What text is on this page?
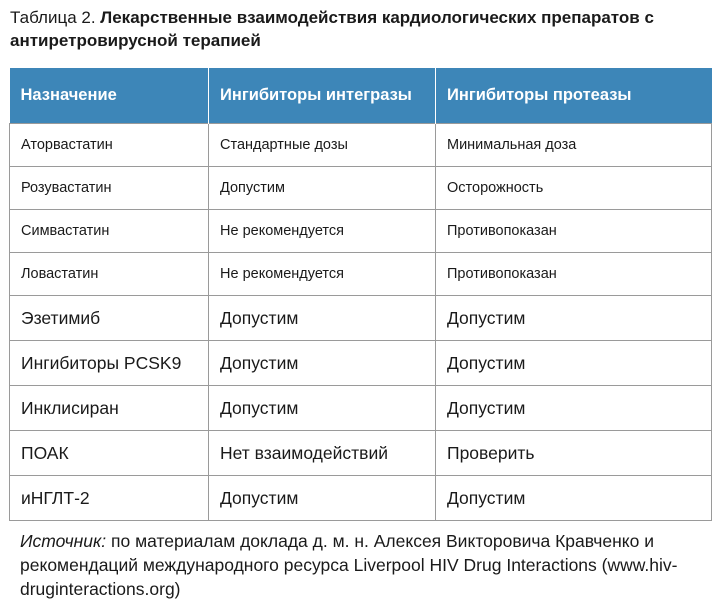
Таблица 2. Лекарственные взаимодействия кардиологических препаратов с антиретровирусной терапией
Назначение	Ингибиторы интегразы	Ингибиторы протеазы
Аторвастатин	Стандартные дозы	Минимальная доза
Розувастатин	Допустим	Осторожность
Симвастатин	Не рекомендуется	Противопоказан
Ловастатин	Не рекомендуется	Противопоказан
Эзетимиб	Допустим	Допустим
Ингибиторы PCSK9	Допустим	Допустим
Инклисиран	Допустим	Допустим
ПОАК	Нет взаимодействий	Проверить
иНГЛТ-2	Допустим	Допустим
Источник: по материалам доклада д. м. н. Алексея Викторовича Кравченко и рекомендаций международного ресурса Liverpool HIV Drug Interactions (www.hiv-druginteractions.org)
